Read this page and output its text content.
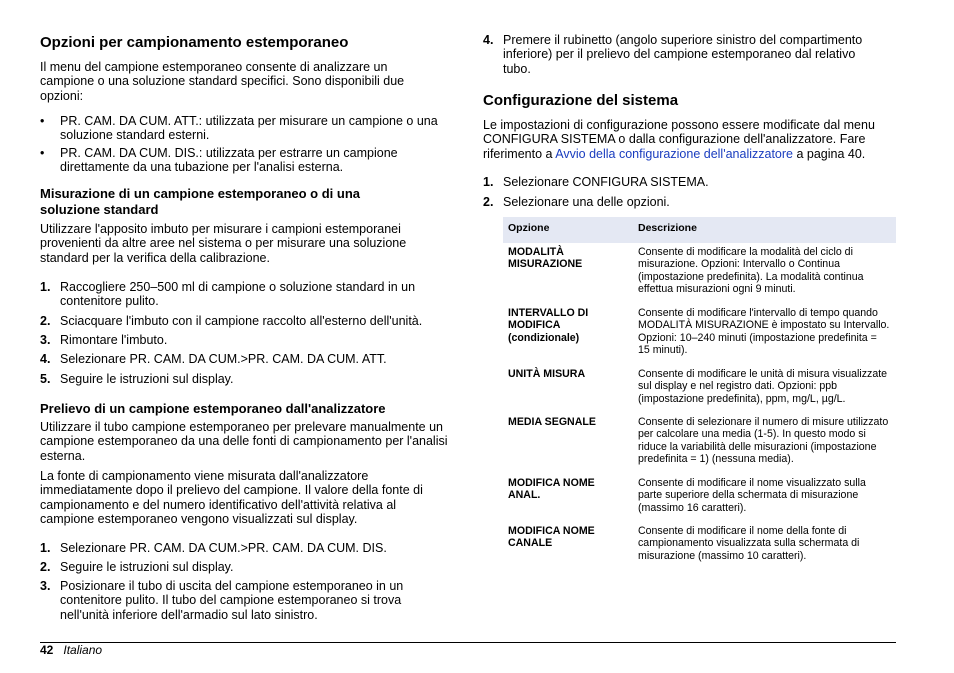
Opzioni per campionamento estemporaneo

Il menu del campione estemporaneo consente di analizzare un campione o una soluzione standard specifici. Sono disponibili due opzioni:

• PR. CAM. DA CUM. ATT.: utilizzata per misurare un campione o una soluzione standard esterni.
• PR. CAM. DA CUM. DIS.: utilizzata per estrarre un campione direttamente da una tubazione per l'analisi esterna.
Misurazione di un campione estemporaneo o di una soluzione standard

Utilizzare l'apposito imbuto per misurare i campioni estemporanei provenienti da altre aree nel sistema o per misurare una soluzione standard per la verifica della calibrazione.

1. Raccogliere 250–500 ml di campione o soluzione standard in un contenitore pulito.
2. Sciacquare l'imbuto con il campione raccolto all'esterno dell'unità.
3. Rimontare l'imbuto.
4. Selezionare PR. CAM. DA CUM.>PR. CAM. DA CUM. ATT.
5. Seguire le istruzioni sul display.
Prelievo di un campione estemporaneo dall'analizzatore

Utilizzare il tubo campione estemporaneo per prelevare manualmente un campione estemporaneo da una delle fonti di campionamento per l'analisi esterna.

La fonte di campionamento viene misurata dall'analizzatore immediatamente dopo il prelievo del campione. Il valore della fonte di campionamento e del numero identificativo dell'attività relativa al campione estemporaneo vengono visualizzati sul display.

1. Selezionare PR. CAM. DA CUM.>PR. CAM. DA CUM. DIS.
2. Seguire le istruzioni sul display.
3. Posizionare il tubo di uscita del campione estemporaneo in un contenitore pulito. Il tubo del campione estemporaneo si trova nell'unità inferiore dell'armadio sul lato sinistro.
4. Premere il rubinetto (angolo superiore sinistro del compartimento inferiore) per il prelievo del campione estemporaneo dal relativo tubo.
Configurazione del sistema

Le impostazioni di configurazione possono essere modificate dal menu CONFIGURA SISTEMA o dalla configurazione dell'analizzatore. Fare riferimento a Avvio della configurazione dell'analizzatore a pagina 40.

1. Selezionare CONFIGURA SISTEMA.
2. Selezionare una delle opzioni.
Opzione	Descrizione
MODALITÀ MISURAZIONE	Consente di modificare la modalità del ciclo di misurazione. Opzioni: Intervallo o Continua (impostazione predefinita). La modalità continua effettua misurazioni ogni 9 minuti.
INTERVALLO DI MODIFICA (condizionale)	Consente di modificare l'intervallo di tempo quando MODALITÀ MISURAZIONE è impostato su Intervallo. Opzioni: 10–240 minuti (impostazione predefinita = 15 minuti).
UNITÀ MISURA	Consente di modificare le unità di misura visualizzate sul display e nel registro dati. Opzioni: ppb (impostazione predefinita), ppm, mg/L, µg/L.
MEDIA SEGNALE	Consente di selezionare il numero di misure utilizzato per calcolare una media (1-5). In questo modo si riduce la variabilità delle misurazioni (impostazione predefinita = 1) (nessuna media).
MODIFICA NOME ANAL.	Consente di modificare il nome visualizzato sulla parte superiore della schermata di misurazione (massimo 16 caratteri).
MODIFICA NOME CANALE	Consente di modificare il nome della fonte di campionamento visualizzata sulla schermata di misurazione (massimo 10 caratteri).
42 Italiano
